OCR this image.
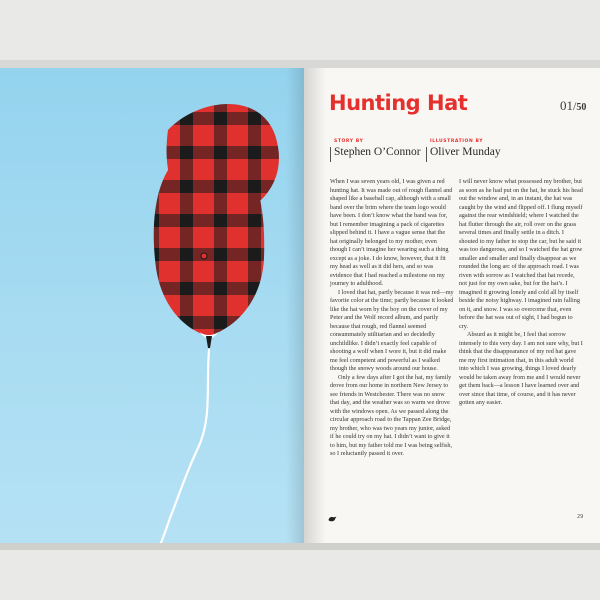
Hunting Hat	01/50
STORY BY
Stephen O’Connor
ILLUSTRATION BY
Oliver Munday

When I was seven years old, I was given a red hunting hat. It was made out of rough flannel and shaped like a baseball cap, although with a small band over the brim where the team logo would have been. I don’t know what the band was for, but I remember imagining a pack of cigarettes slipped behind it. I have a vague sense that the hat originally belonged to my mother, even though I can’t imagine her wearing such a thing except as a joke. I do know, however, that it fit my head as well as it did hers, and so was evidence that I had reached a milestone on my journey to adulthood.

I loved that hat, partly because it was red—my favorite color at the time; partly because it looked like the hat worn by the boy on the cover of my Peter and the Wolf record album, and partly because that rough, red flannel seemed consummately utilitarian and so decidedly unchildlike. I didn’t exactly feel capable of shooting a wolf when I wore it, but it did make me feel competent and powerful as I walked though the snowy woods around our house.

Only a few days after I got the hat, my family drove from our home in northern New Jersey to see friends in Westchester. There was no snow that day, and the weather was so warm we drove with the windows open. As we passed along the circular approach road to the Tappan Zee Bridge, my brother, who was two years my junior, asked if he could try on my hat. I didn’t want to give it to him, but my father told me I was being selfish, so I reluctantly passed it over.

I will never know what possessed my brother, but as soon as he had put on the hat, he stuck his head out the window and, in an instant, the hat was caught by the wind and flipped off. I flung myself against the rear windshield; where I watched the hat flutter through the air, roll over on the grass several times and finally settle in a ditch. I shouted to my father to stop the car, but he said it was too dangerous, and so I watched the hat grow smaller and smaller and finally disappear as we rounded the long arc of the approach road. I was riven with sorrow as I watched that hat recede, not just for my own sake, but for the hat’s. I imagined it growing lonely and cold all by itself beside the noisy highway. I imagined rain falling on it, and snow. I was so overcome that, even before the hat was out of sight, I had begun to cry.

Absurd as it might be, I feel that sorrow intensely to this very day. I am not sure why, but I think that the disappearance of my red hat gave me my first intimation that, in this adult world into which I was growing, things I loved dearly would be taken away from me and I would never get them back—a lesson I have learned over and over since that time, of course, and it has never gotten any easier.

29
